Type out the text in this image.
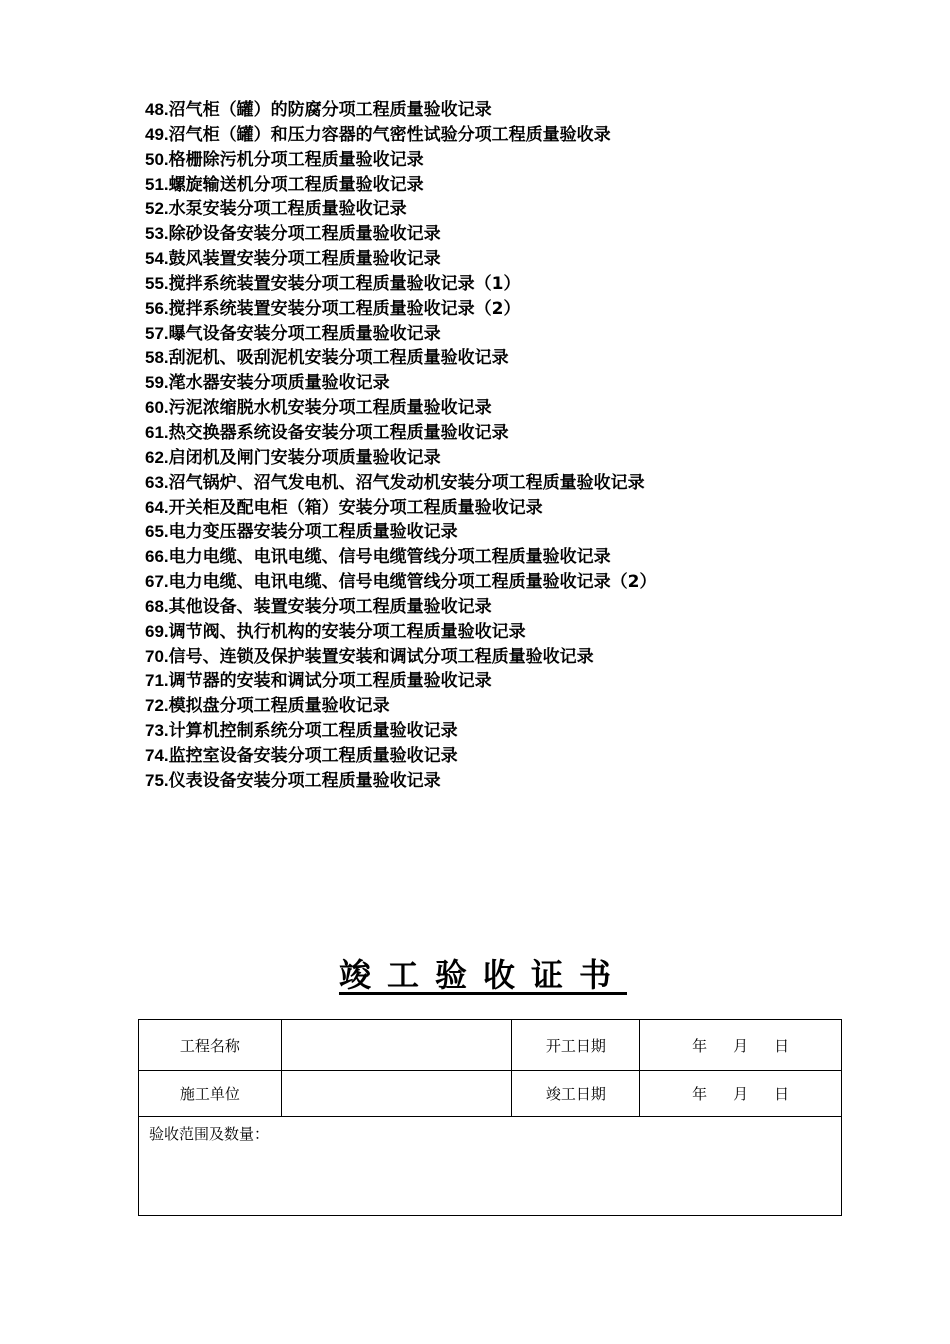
48.沼气柜（罐）的防腐分项工程质量验收记录
49.沼气柜（罐）和压力容器的气密性试验分项工程质量验收录
50.格栅除污机分项工程质量验收记录
51.螺旋输送机分项工程质量验收记录
52.水泵安装分项工程质量验收记录
53.除砂设备安装分项工程质量验收记录
54.鼓风装置安装分项工程质量验收记录
55.搅拌系统装置安装分项工程质量验收记录（1）
56.搅拌系统装置安装分项工程质量验收记录（2）
57.曝气设备安装分项工程质量验收记录
58.刮泥机、吸刮泥机安装分项工程质量验收记录
59.滗水器安装分项质量验收记录
60.污泥浓缩脱水机安装分项工程质量验收记录
61.热交换器系统设备安装分项工程质量验收记录
62.启闭机及闸门安装分项质量验收记录
63.沼气锅炉、沼气发电机、沼气发动机安装分项工程质量验收记录
64.开关柜及配电柜（箱）安装分项工程质量验收记录
65.电力变压器安装分项工程质量验收记录
66.电力电缆、电讯电缆、信号电缆管线分项工程质量验收记录
67.电力电缆、电讯电缆、信号电缆管线分项工程质量验收记录（2）
68.其他设备、装置安装分项工程质量验收记录
69.调节阀、执行机构的安装分项工程质量验收记录
70.信号、连锁及保护装置安装和调试分项工程质量验收记录
71.调节器的安装和调试分项工程质量验收记录
72.模拟盘分项工程质量验收记录
73.计算机控制系统分项工程质量验收记录
74.监控室设备安装分项工程质量验收记录
75.仪表设备安装分项工程质量验收记录
竣工验收证书
工程名称		开工日期	年 月 日
施工单位		竣工日期	年 月 日
验收范围及数量：			
